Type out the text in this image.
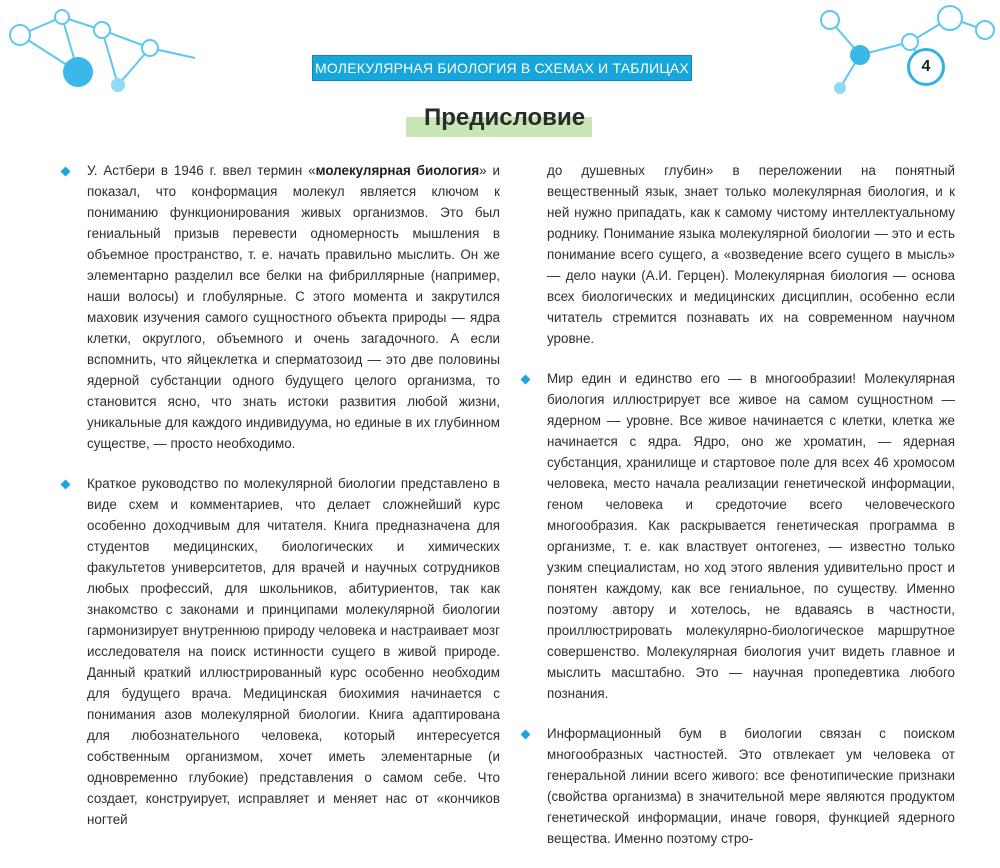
МОЛЕКУЛЯРНАЯ БИОЛОГИЯ В СХЕМАХ И ТАБЛИЦАХ	4
Предисловие

У. Астбери в 1946 г. ввел термин «молекулярная биология» и показал, что конформация молекул является ключом к пониманию функционирования живых организмов. Это был гениальный призыв перевести одномерность мышления в объемное пространство, т. е. начать правильно мыслить. Он же элементарно разделил все белки на фибриллярные (например, наши волосы) и глобулярные. С этого момента и закрутился маховик изучения самого сущностного объекта природы — ядра клетки, округлого, объемного и очень загадочного. А если вспомнить, что яйцеклетка и сперматозоид — это две половины ядерной субстанции одного будущего целого организма, то становится ясно, что знать истоки развития любой жизни, уникальные для каждого индивидуума, но единые в их глубинном существе, — просто необходимо.

Краткое руководство по молекулярной биологии представлено в виде схем и комментариев, что делает сложнейший курс особенно доходчивым для читателя. Книга предназначена для студентов медицинских, биологических и химических факультетов университетов, для врачей и научных сотрудников любых профессий, для школьников, абитуриентов, так как знакомство с законами и принципами молекулярной биологии гармонизирует внутреннюю природу человека и настраивает мозг исследователя на поиск истинности сущего в живой природе. Данный краткий иллюстрированный курс особенно необходим для будущего врача. Медицинская биохимия начинается с понимания азов молекулярной биологии. Книга адаптирована для любознательного человека, который интересуется собственным организмом, хочет иметь элементарные (и одновременно глубокие) представления о самом себе. Что создает, конструирует, исправляет и меняет нас от «кончиков ногтей

до душевных глубин» в переложении на понятный вещественный язык, знает только молекулярная биология, и к ней нужно припадать, как к самому чистому интеллектуальному роднику. Понимание языка молекулярной биологии — это и есть понимание всего сущего, а «возведение всего сущего в мысль» — дело науки (А.И. Герцен). Молекулярная биология — основа всех биологических и медицинских дисциплин, особенно если читатель стремится познавать их на современном научном уровне.

Мир един и единство его — в многообразии! Молекулярная биология иллюстрирует все живое на самом сущностном — ядерном — уровне. Все живое начинается с клетки, клетка же начинается с ядра. Ядро, оно же хроматин, — ядерная субстанция, хранилище и стартовое поле для всех 46 хромосом человека, место начала реализации генетической информации, геном человека и средоточие всего человеческого многообразия. Как раскрывается генетическая программа в организме, т. е. как властвует онтогенез, — известно только узким специалистам, но ход этого явления удивительно прост и понятен каждому, как все гениальное, по существу. Именно поэтому автору и хотелось, не вдаваясь в частности, проиллюстрировать молекулярно-биологическое маршрутное совершенство. Молекулярная биология учит видеть главное и мыслить масштабно. Это — научная пропедевтика любого познания.

Информационный бум в биологии связан с поиском многообразных частностей. Это отвлекает ум человека от генеральной линии всего живого: все фенотипические признаки (свойства организма) в значительной мере являются продуктом генетической информации, иначе говоря, функцией ядерного вещества. Именно поэтому стро-
